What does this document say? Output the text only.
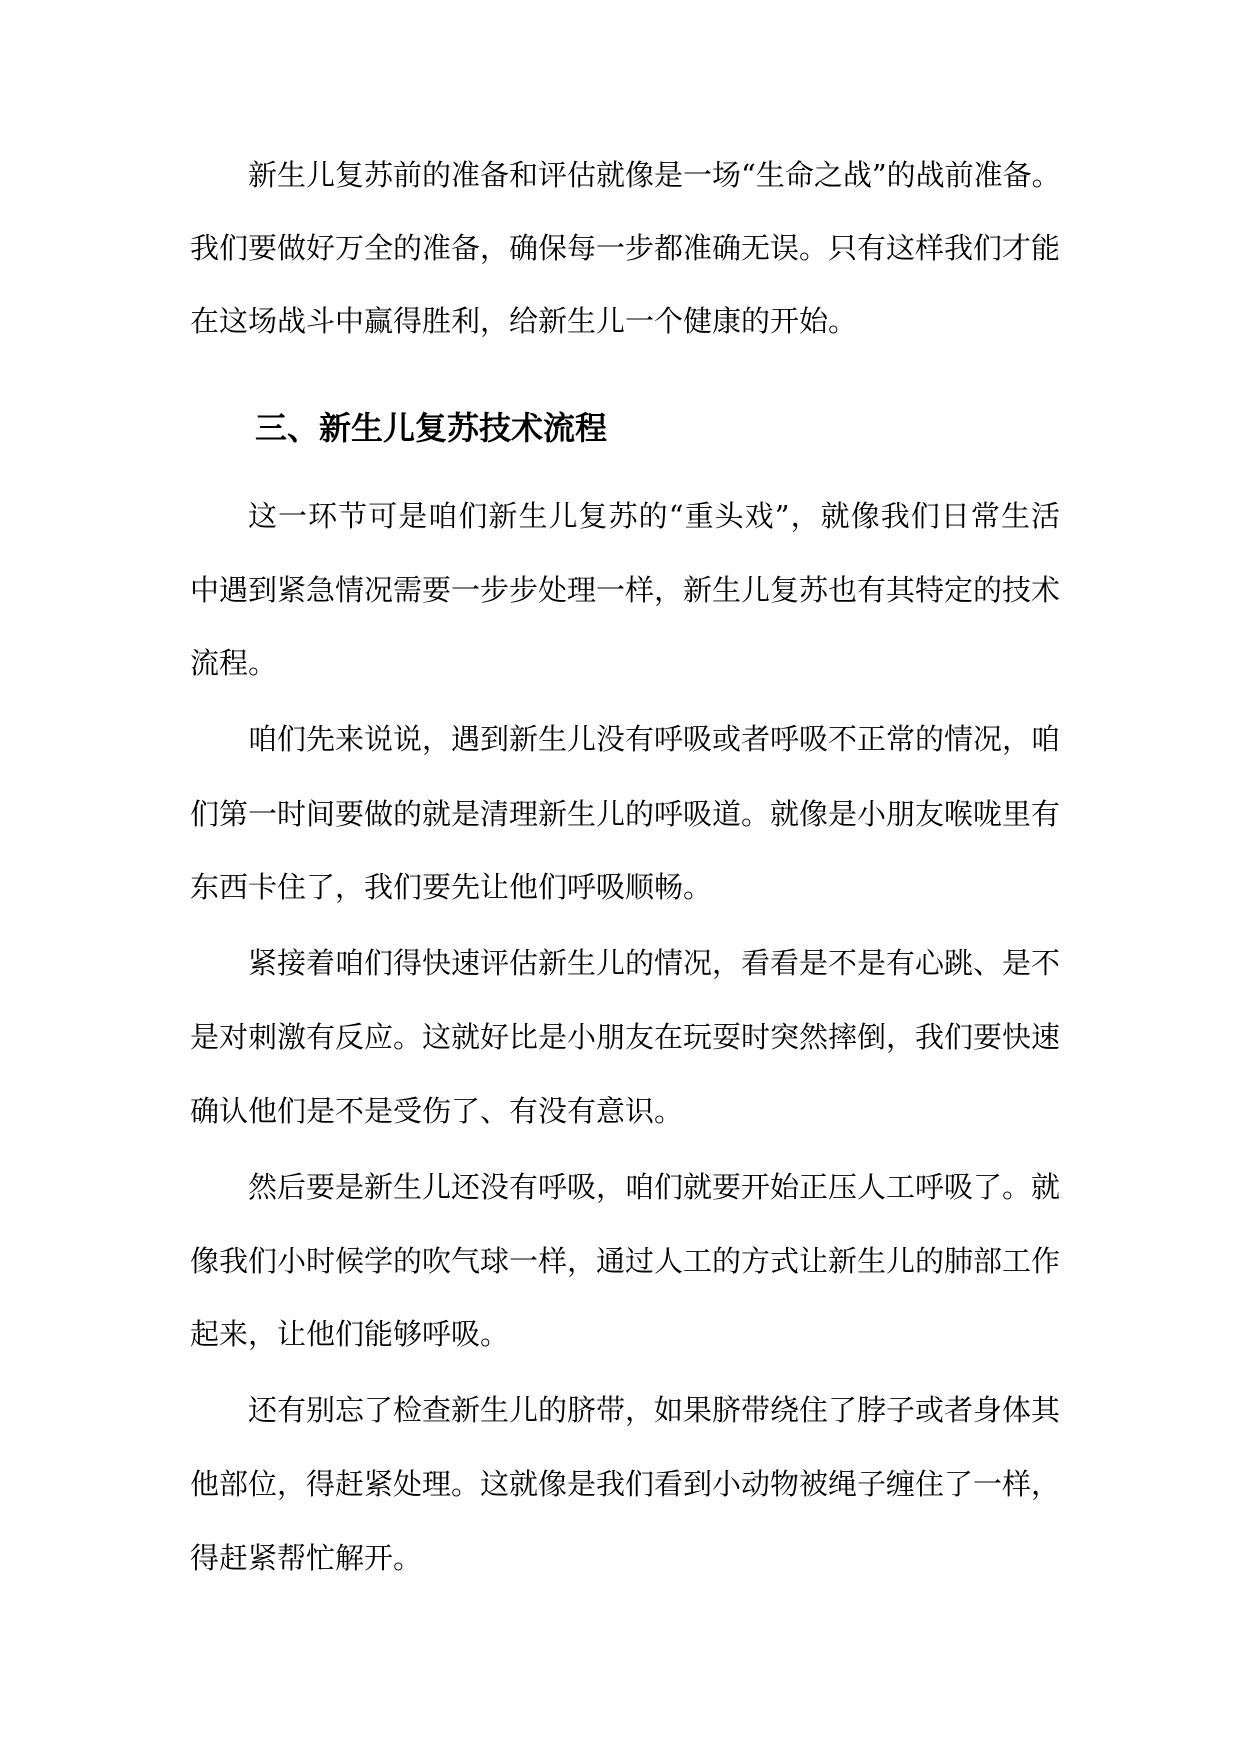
新生儿复苏前的准备和评估就像是一场“生命之战”的战前准备。
我们要做好万全的准备，确保每一步都准确无误。只有这样我们才能
在这场战斗中赢得胜利，给新生儿一个健康的开始。
三、新生儿复苏技术流程
这一环节可是咱们新生儿复苏的“重头戏”，就像我们日常生活
中遇到紧急情况需要一步步处理一样，新生儿复苏也有其特定的技术
流程。
咱们先来说说，遇到新生儿没有呼吸或者呼吸不正常的情况，咱
们第一时间要做的就是清理新生儿的呼吸道。就像是小朋友喉咙里有
东西卡住了，我们要先让他们呼吸顺畅。
紧接着咱们得快速评估新生儿的情况，看看是不是有心跳、是不
是对刺激有反应。这就好比是小朋友在玩耍时突然摔倒，我们要快速
确认他们是不是受伤了、有没有意识。
然后要是新生儿还没有呼吸，咱们就要开始正压人工呼吸了。就
像我们小时候学的吹气球一样，通过人工的方式让新生儿的肺部工作
起来，让他们能够呼吸。
还有别忘了检查新生儿的脐带，如果脐带绕住了脖子或者身体其
他部位，得赶紧处理。这就像是我们看到小动物被绳子缠住了一样，
得赶紧帮忙解开。
